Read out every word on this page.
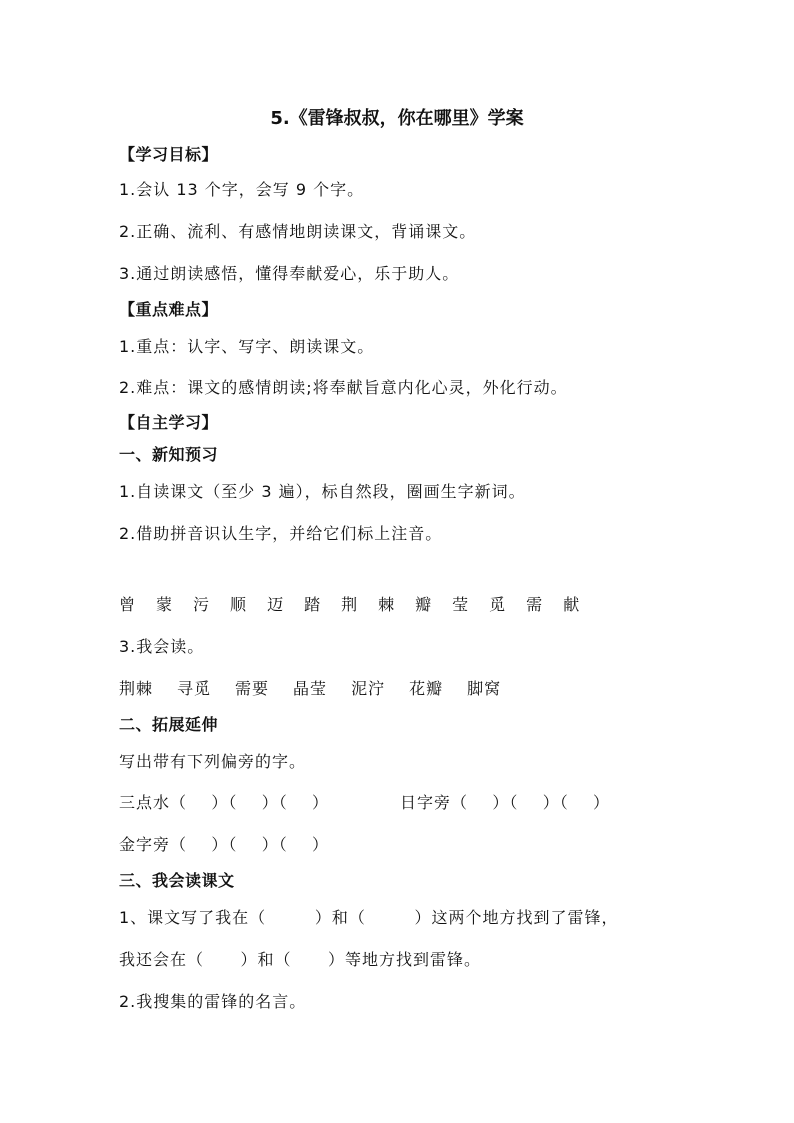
5.《雷锋叔叔，你在哪里》学案
【学习目标】
1.会认 13 个字，会写 9 个字。
2.正确、流利、有感情地朗读课文，背诵课文。
3.通过朗读感悟，懂得奉献爱心，乐于助人。
【重点难点】
1.重点：认字、写字、朗读课文。
2.难点：课文的感情朗读;将奉献旨意内化心灵，外化行动。
【自主学习】
一、新知预习
1.自读课文（至少 3 遍），标自然段，圈画生字新词。
2.借助拼音识认生字，并给它们标上注音。
曾 蒙 污 顺 迈 踏 荆 棘 瓣 莹 觅 需 献
3.我会读。
荆棘 寻觅 需要 晶莹 泥泞 花瓣 脚窝
二、拓展延伸
写出带有下列偏旁的字。
三点水（    ）（    ）（    ）	日字旁（    ）（    ）（    ）
金字旁（    ）（    ）（    ）
三、我会读课文
1、课文写了我在（        ）和（        ）这两个地方找到了雷锋，
我还会在（      ）和（      ）等地方找到雷锋。
2.我搜集的雷锋的名言。
